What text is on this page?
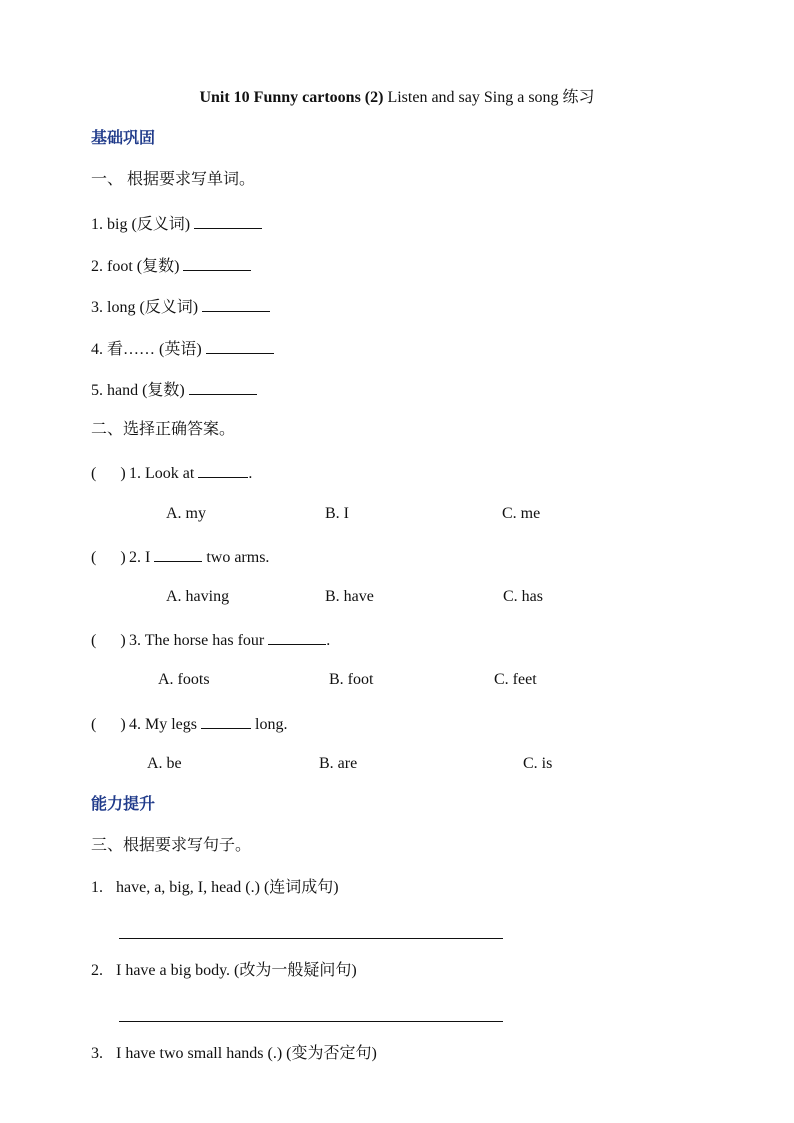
Unit 10 Funny cartoons (2) Listen and say Sing a song 练习
基础巩固
一、 根据要求写单词。
1. big (反义词)
2. foot (复数)
3. long (反义词)
4. 看…… (英语)
5. hand (复数)
二、选择正确答案。
( ) 1. Look at	.
A. my	B. I	C. me
( ) 2. I	two arms.
A. having	B. have	C. has
( ) 3. The horse has four	.
A. foots	B. foot	C. feet
( ) 4. My legs	long.
A. be	B. are	C. is
能力提升
三、根据要求写句子。
1. have, a, big, I, head (.) (连词成句)
2. I have a big body. (改为一般疑问句)
3. I have two small hands (.) (变为否定句)
